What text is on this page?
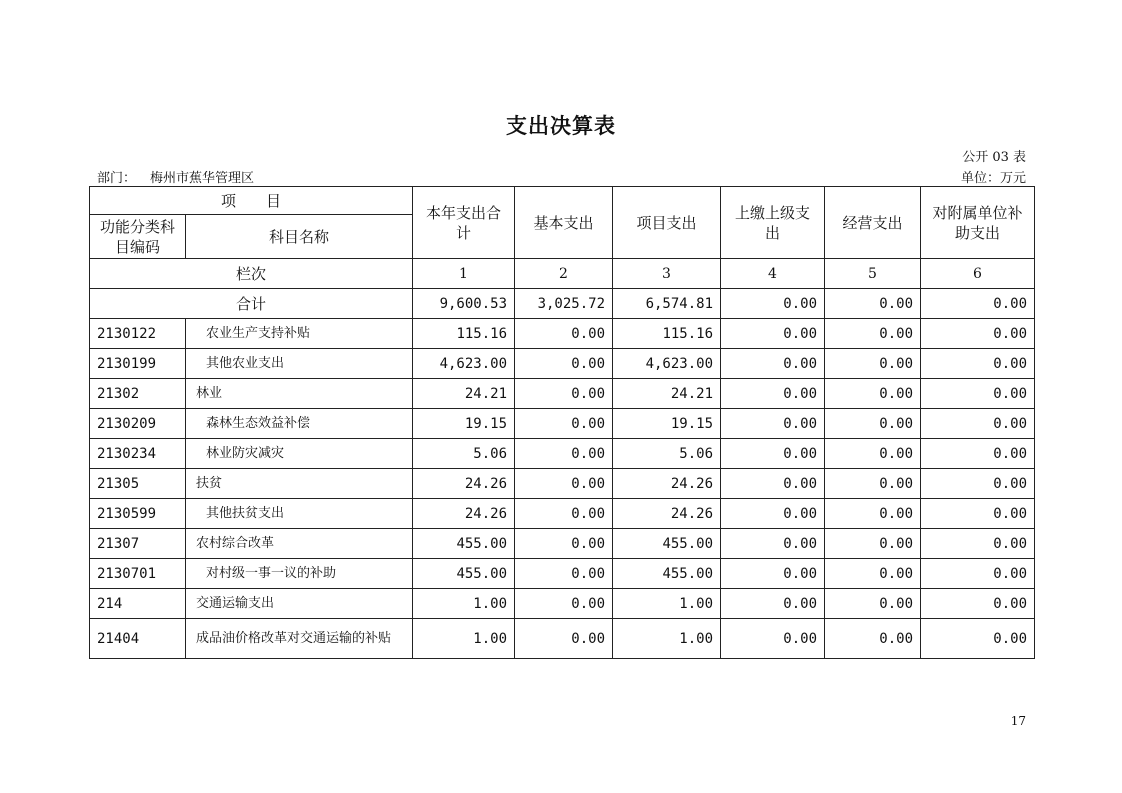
支出决算表
公开 03 表
部门： 梅州市蕉华管理区	单位：万元
项　　目		本年支出合计	基本支出	项目支出	上缴上级支出	经营支出	对附属单位补助支出
功能分类科目编码	科目名称						
栏次		1	2	3	4	5	6
合计		9,600.53	3,025.72	6,574.81	0.00	0.00	0.00
2130122	农业生产支持补贴	115.16	0.00	115.16	0.00	0.00	0.00
2130199	其他农业支出	4,623.00	0.00	4,623.00	0.00	0.00	0.00
21302	林业	24.21	0.00	24.21	0.00	0.00	0.00
2130209	森林生态效益补偿	19.15	0.00	19.15	0.00	0.00	0.00
2130234	林业防灾减灾	5.06	0.00	5.06	0.00	0.00	0.00
21305	扶贫	24.26	0.00	24.26	0.00	0.00	0.00
2130599	其他扶贫支出	24.26	0.00	24.26	0.00	0.00	0.00
21307	农村综合改革	455.00	0.00	455.00	0.00	0.00	0.00
2130701	对村级一事一议的补助	455.00	0.00	455.00	0.00	0.00	0.00
214	交通运输支出	1.00	0.00	1.00	0.00	0.00	0.00
21404	成品油价格改革对交通运输的补贴	1.00	0.00	1.00	0.00	0.00	0.00
17
